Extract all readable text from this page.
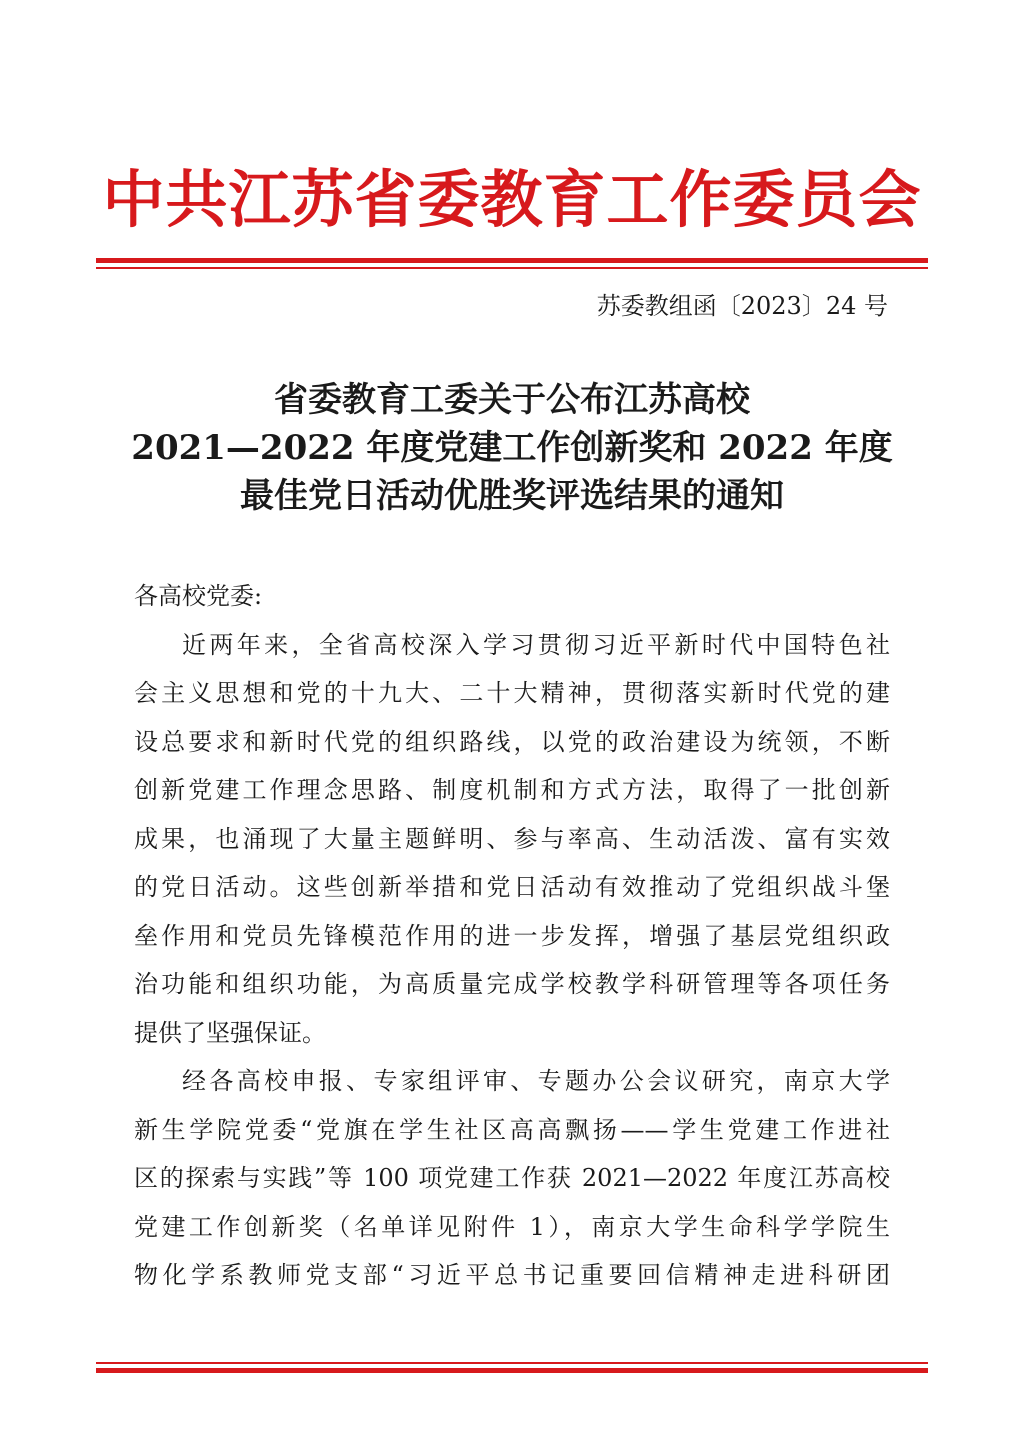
中共江苏省委教育工作委员会
苏委教组函〔2023〕24 号
省委教育工委关于公布江苏高校
2021—2022 年度党建工作创新奖和 2022 年度
最佳党日活动优胜奖评选结果的通知

各高校党委:

近两年来，全省高校深入学习贯彻习近平新时代中国特色社
会主义思想和党的十九大、二十大精神，贯彻落实新时代党的建
设总要求和新时代党的组织路线，以党的政治建设为统领，不断
创新党建工作理念思路、制度机制和方式方法，取得了一批创新
成果，也涌现了大量主题鲜明、参与率高、生动活泼、富有实效
的党日活动。这些创新举措和党日活动有效推动了党组织战斗堡
垒作用和党员先锋模范作用的进一步发挥，增强了基层党组织政
治功能和组织功能，为高质量完成学校教学科研管理等各项任务
提供了坚强保证。
经各高校申报、专家组评审、专题办公会议研究，南京大学
新生学院党委“党旗在学生社区高高飘扬——学生党建工作进社
区的探索与实践”等 100 项党建工作获 2021—2022 年度江苏高校
党建工作创新奖（名单详见附件 1），南京大学生命科学学院生
物化学系教师党支部“习近平总书记重要回信精神走进科研团
